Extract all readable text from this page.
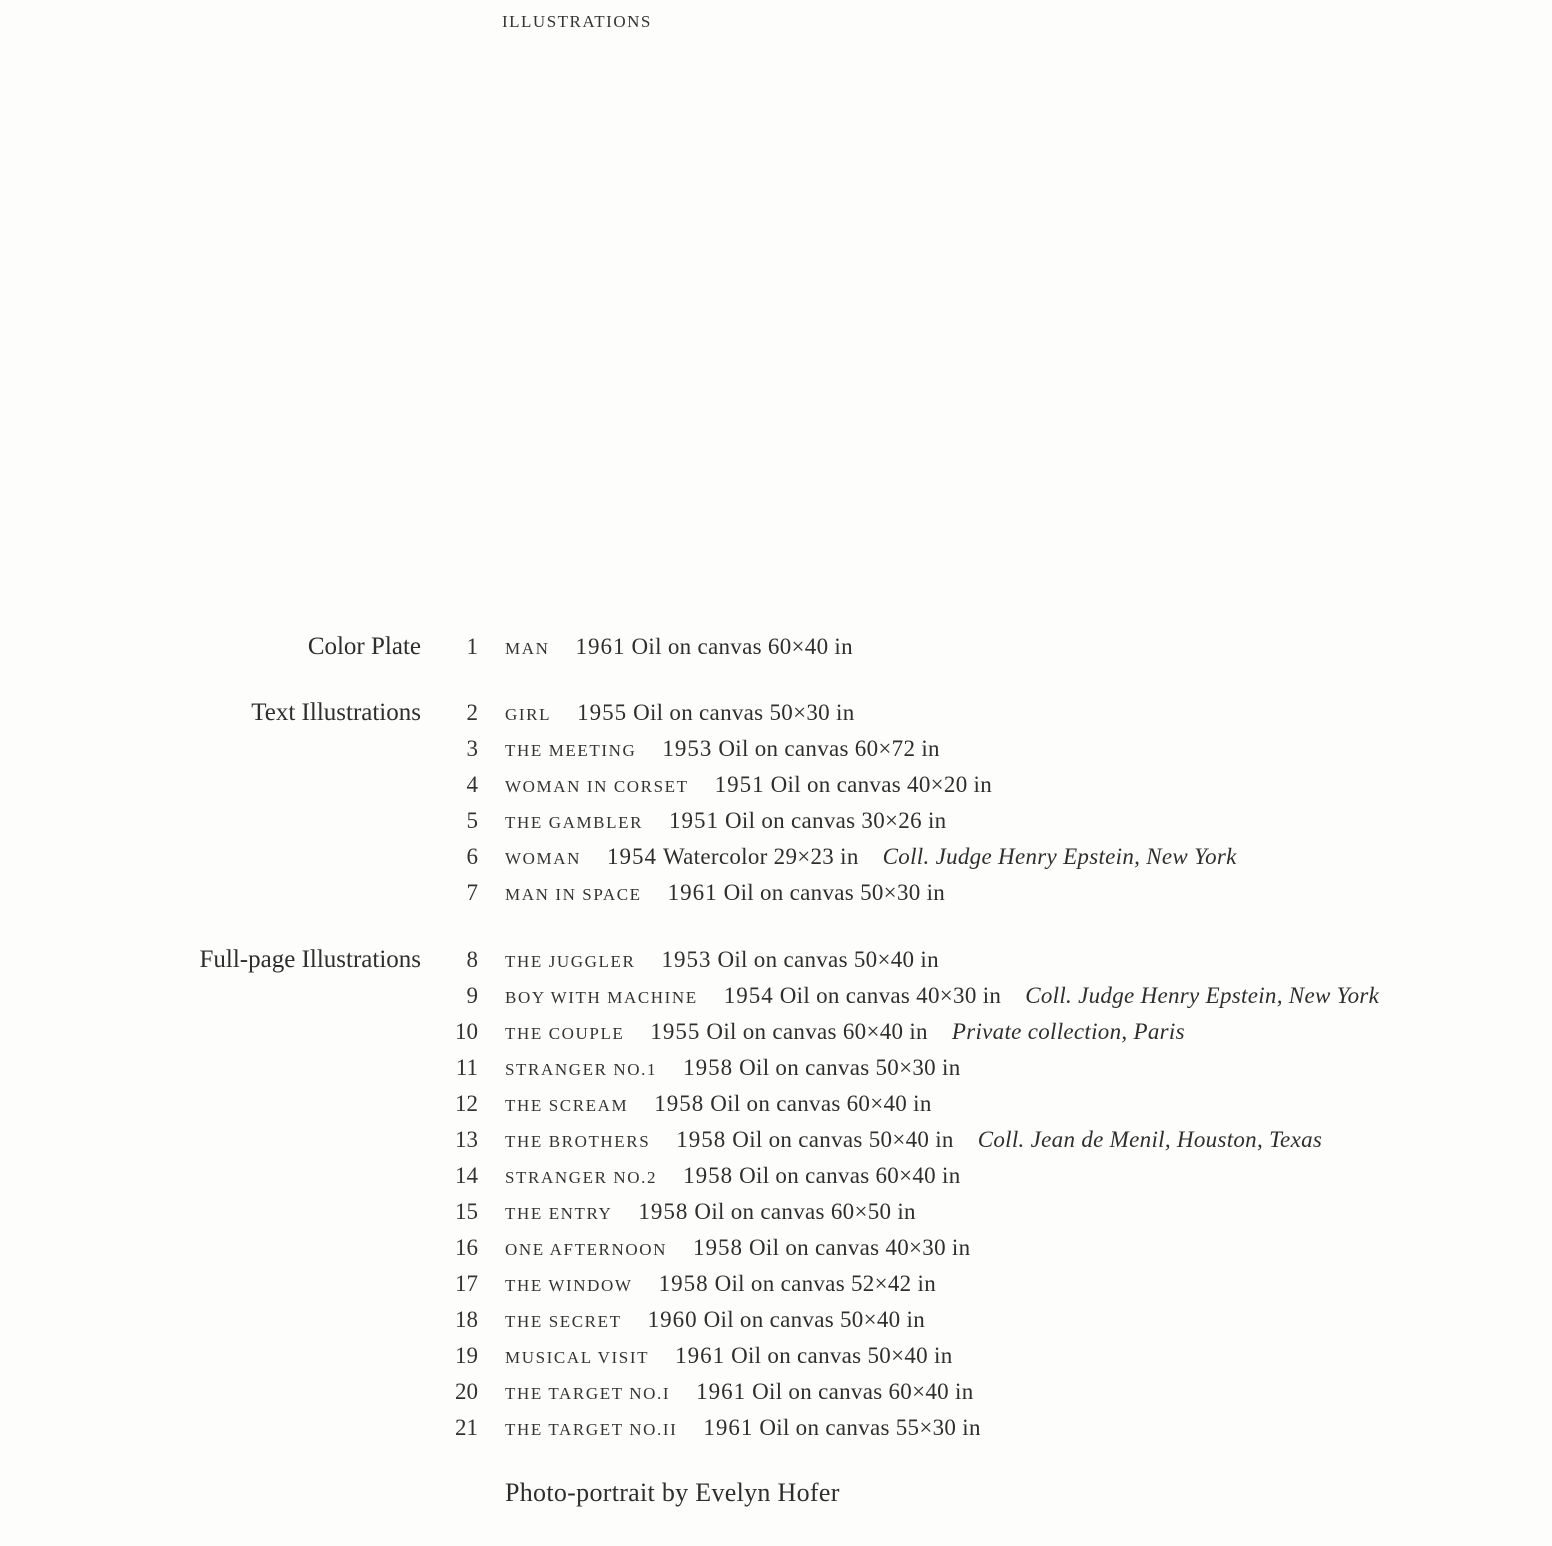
ILLUSTRATIONS
Color Plate 1 MAN 1961 Oil on canvas 60×40 in
Text Illustrations 2 GIRL 1955 Oil on canvas 50×30 in
3 THE MEETING 1953 Oil on canvas 60×72 in
4 WOMAN IN CORSET 1951 Oil on canvas 40×20 in
5 THE GAMBLER 1951 Oil on canvas 30×26 in
6 WOMAN 1954 Watercolor 29×23 in Coll. Judge Henry Epstein, New York
7 MAN IN SPACE 1961 Oil on canvas 50×30 in
Full-page Illustrations 8 THE JUGGLER 1953 Oil on canvas 50×40 in
9 BOY WITH MACHINE 1954 Oil on canvas 40×30 in Coll. Judge Henry Epstein, New York
10 THE COUPLE 1955 Oil on canvas 60×40 in Private collection, Paris
11 STRANGER NO.1 1958 Oil on canvas 50×30 in
12 THE SCREAM 1958 Oil on canvas 60×40 in
13 THE BROTHERS 1958 Oil on canvas 50×40 in Coll. Jean de Menil, Houston, Texas
14 STRANGER NO.2 1958 Oil on canvas 60×40 in
15 THE ENTRY 1958 Oil on canvas 60×50 in
16 ONE AFTERNOON 1958 Oil on canvas 40×30 in
17 THE WINDOW 1958 Oil on canvas 52×42 in
18 THE SECRET 1960 Oil on canvas 50×40 in
19 MUSICAL VISIT 1961 Oil on canvas 50×40 in
20 THE TARGET NO.I 1961 Oil on canvas 60×40 in
21 THE TARGET NO.II 1961 Oil on canvas 55×30 in
Photo-portrait by Evelyn Hofer
